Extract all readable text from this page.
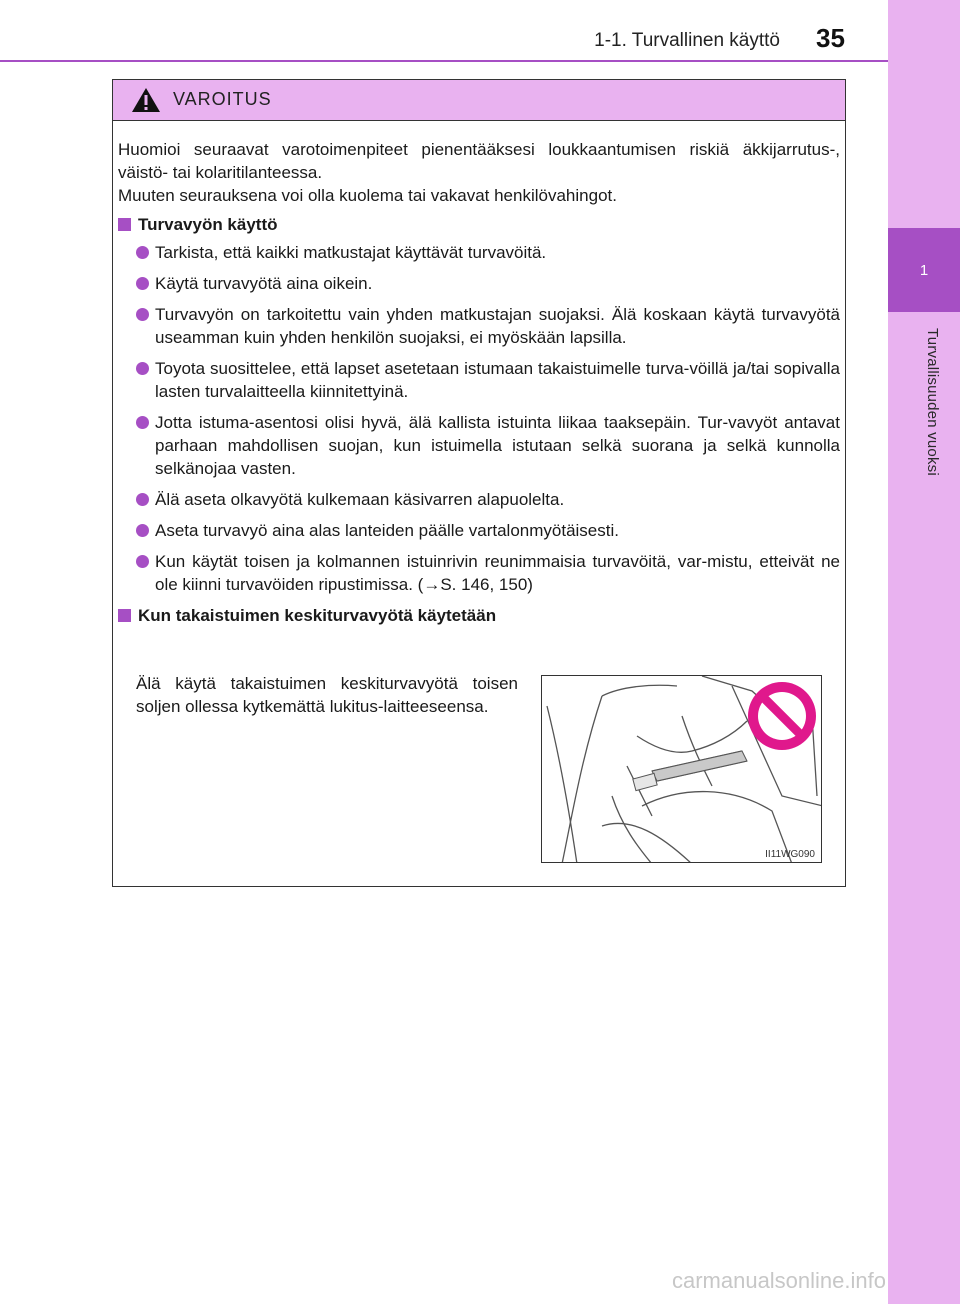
1
Turvallisuuden vuoksi
1-1. Turvallinen käyttö 35
VAROITUS

Huomioi seuraavat varotoimenpiteet pienentääksesi loukkaantumisen riskiä äkkijarrutus-, väistö- tai kolaritilanteessa.

Muuten seurauksena voi olla kuolema tai vakavat henkilövahingot.

Turvavyön käyttö
Tarkista, että kaikki matkustajat käyttävät turvavöitä.
Käytä turvavyötä aina oikein.
Turvavyön on tarkoitettu vain yhden matkustajan suojaksi. Älä koskaan käytä turvavyötä useamman kuin yhden henkilön suojaksi, ei myöskään lapsilla.
Toyota suosittelee, että lapset asetetaan istumaan takaistuimelle turva-vöillä ja/tai sopivalla lasten turvalaitteella kiinnitettyinä.
Jotta istuma-asentosi olisi hyvä, älä kallista istuinta liikaa taaksepäin. Tur-vavyöt antavat parhaan mahdollisen suojan, kun istuimella istutaan selkä suorana ja selkä kunnolla selkänojaa vasten.
Älä aseta olkavyötä kulkemaan käsivarren alapuolelta.
Aseta turvavyö aina alas lanteiden päälle vartalonmyötäisesti.
Kun käytät toisen ja kolmannen istuinrivin reunimmaisia turvavöitä, var-mistu, etteivät ne ole kiinni turvavöiden ripustimissa. (→S. 146, 150)
Kun takaistuimen keskiturvavyötä käytetään
Älä käytä takaistuimen keskiturvavyötä toisen soljen ollessa kytkemättä lukitus-laitteeseensa.
II11WG090
carmanualsonline.info
